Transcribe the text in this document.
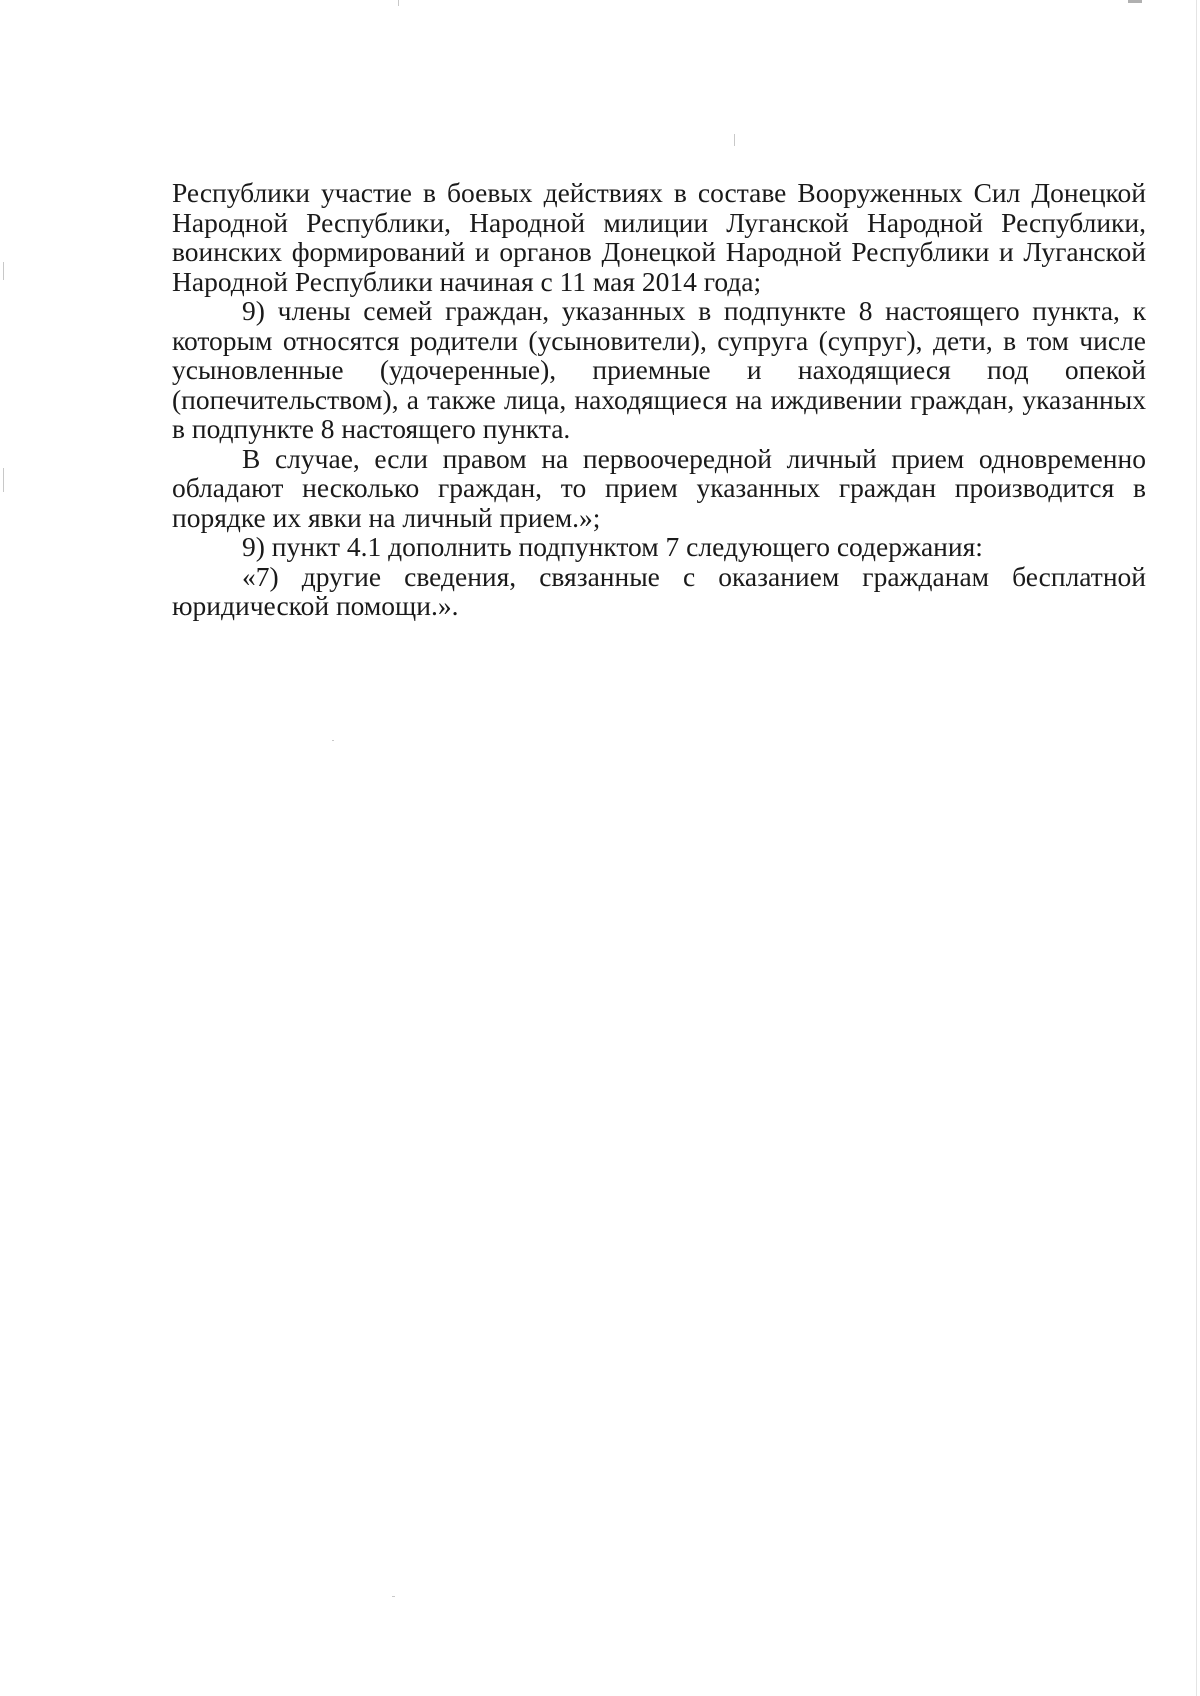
Республики участие в боевых действиях в составе Вооруженных Сил Донецкой Народной Республики, Народной милиции Луганской Народной Республики, воинских формирований и органов Донецкой Народной Республики и Луганской Народной Республики начиная с 11 мая 2014 года;

9) члены семей граждан, указанных в подпункте 8 настоящего пункта, к которым относятся родители (усыновители), супруга (супруг), дети, в том числе усыновленные (удочеренные), приемные и находящиеся под опекой (попечительством), а также лица, находящиеся на иждивении граждан, указанных в подпункте 8 настоящего пункта.

В случае, если правом на первоочередной личный прием одновременно обладают несколько граждан, то прием указанных граждан производится в порядке их явки на личный прием.»;

9) пункт 4.1 дополнить подпунктом 7 следующего содержания:

«7) другие сведения, связанные с оказанием гражданам бесплатной юридической помощи.».
